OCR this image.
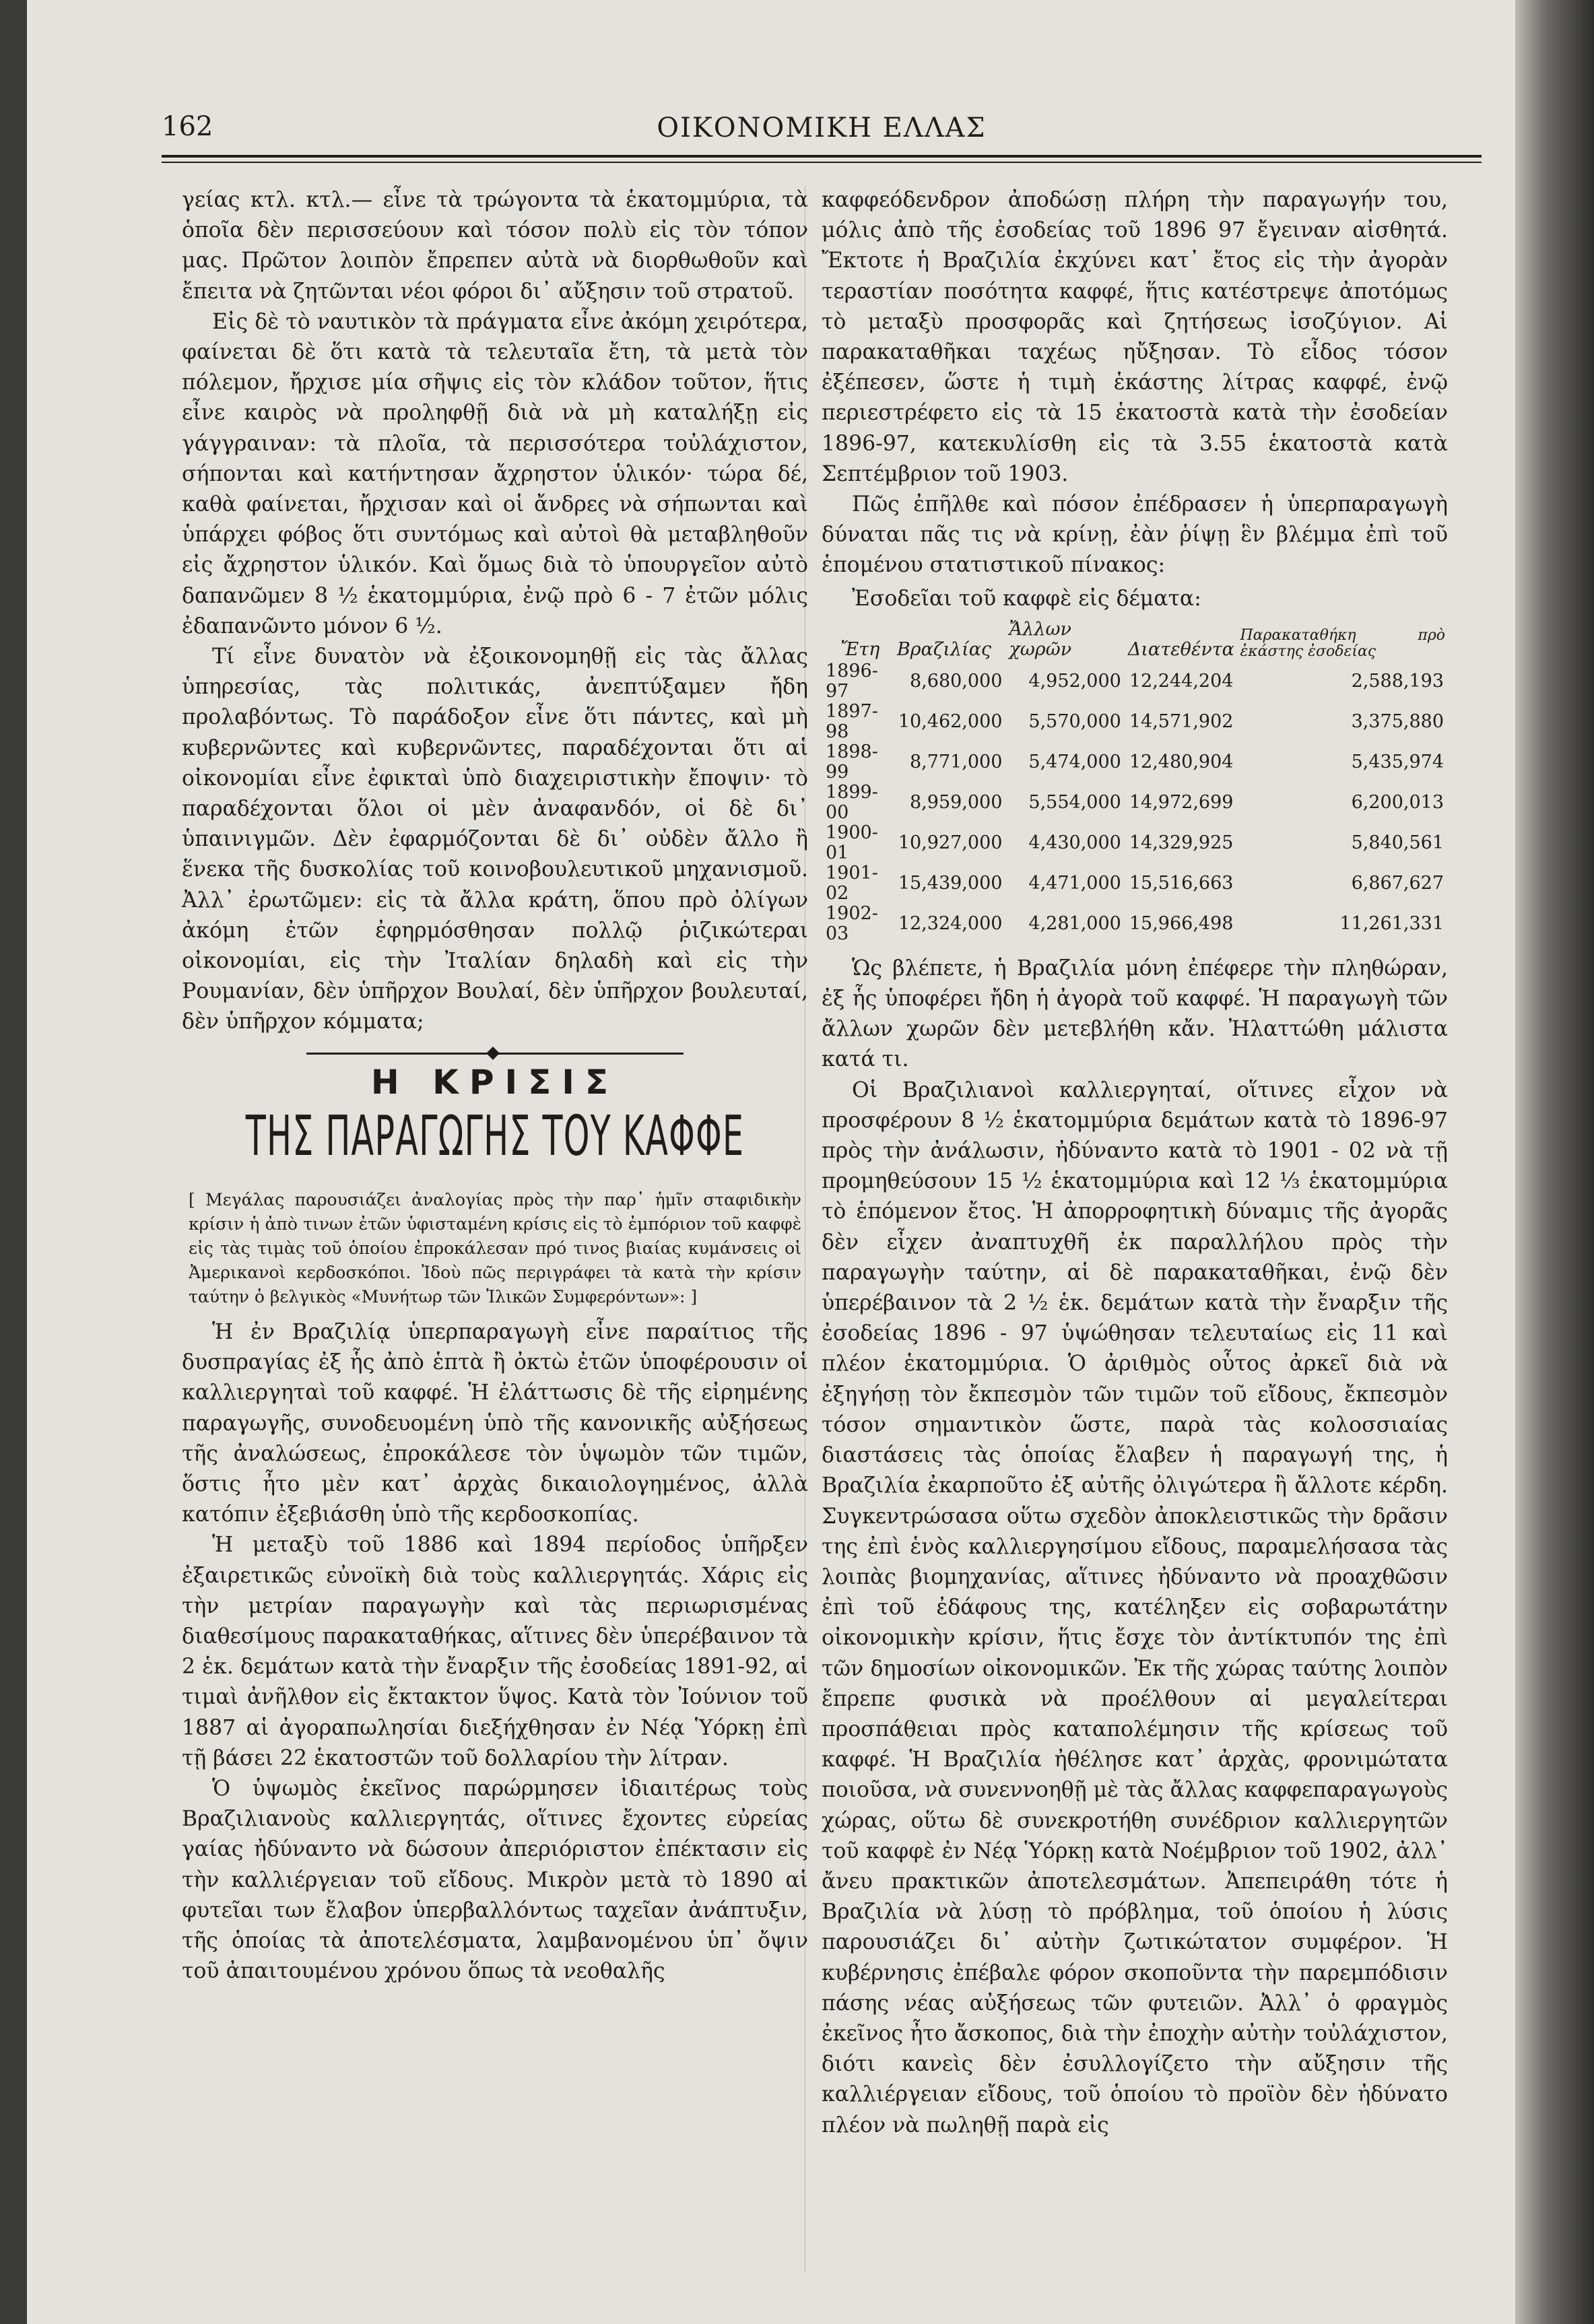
162	ΟΙΚΟΝΟΜΙΚΗ ΕΛΛΑΣ

γείας κτλ. κτλ.— εἶνε τὰ τρώγοντα τὰ ἑκατομμύρια, τὰ ὁποῖα δὲν περισσεύουν καὶ τόσον πολὺ εἰς τὸν τόπον μας. Πρῶτον λοιπὸν ἔπρεπεν αὐτὰ νὰ διορθωθοῦν καὶ ἔπειτα νὰ ζητῶνται νέοι φόροι δι᾽ αὔξησιν τοῦ στρατοῦ.

Εἰς δὲ τὸ ναυτικὸν τὰ πράγματα εἶνε ἀκόμη χειρότερα, φαίνεται δὲ ὅτι κατὰ τὰ τελευταῖα ἔτη, τὰ μετὰ τὸν πόλεμον, ἤρχισε μία σῆψις εἰς τὸν κλάδον τοῦτον, ἥτις εἶνε καιρὸς νὰ προληφθῇ διὰ νὰ μὴ καταλήξῃ εἰς γάγγραιναν: τὰ πλοῖα, τὰ περισσότερα τοὐλάχιστον, σήπονται καὶ κατήντησαν ἄχρηστον ὑλικόν· τώρα δέ, καθὰ φαίνεται, ἤρχισαν καὶ οἱ ἄνδρες νὰ σήπωνται καὶ ὑπάρχει φόβος ὅτι συντόμως καὶ αὐτοὶ θὰ μεταβληθοῦν εἰς ἄχρηστον ὑλικόν. Καὶ ὅμως διὰ τὸ ὑπουργεῖον αὐτὸ δαπανῶμεν 8 ½ ἑκατομμύρια, ἐνῷ πρὸ 6 - 7 ἐτῶν μόλις ἐδαπανῶντο μόνον 6 ½.

Τί εἶνε δυνατὸν νὰ ἐξοικονομηθῇ εἰς τὰς ἄλλας ὑπηρεσίας, τὰς πολιτικάς, ἀνεπτύξαμεν ἤδη προλαβόντως. Τὸ παράδοξον εἶνε ὅτι πάντες, καὶ μὴ κυβερνῶντες καὶ κυβερνῶντες, παραδέχονται ὅτι αἱ οἰκονομίαι εἶνε ἐφικταὶ ὑπὸ διαχειριστικὴν ἔποψιν· τὸ παραδέχονται ὅλοι οἱ μὲν ἀναφανδόν, οἱ δὲ δι᾽ ὑπαινιγμῶν. Δὲν ἐφαρμόζονται δὲ δι᾽ οὐδὲν ἄλλο ἢ ἕνεκα τῆς δυσκολίας τοῦ κοινοβουλευτικοῦ μηχανισμοῦ. Ἀλλ᾽ ἐρωτῶμεν: εἰς τὰ ἄλλα κράτη, ὅπου πρὸ ὀλίγων ἀκόμη ἐτῶν ἐφηρμόσθησαν πολλῷ ῥιζικώτεραι οἰκονομίαι, εἰς τὴν Ἰταλίαν δηλαδὴ καὶ εἰς τὴν Ρουμανίαν, δὲν ὑπῆρχον Βουλαί, δὲν ὑπῆρχον βουλευταί, δὲν ὑπῆρχον κόμματα;

Η ΚΡΙΣΙΣ
ΤΗΣ ΠΑΡΑΓΩΓΗΣ ΤΟΥ ΚΑΦΦΕ

[ Μεγάλας παρουσιάζει ἀναλογίας πρὸς τὴν παρ᾽ ἡμῖν σταφιδικὴν κρίσιν ἡ ἀπὸ τινων ἐτῶν ὑφισταμένη κρίσις εἰς τὸ ἐμπόριον τοῦ καφφὲ εἰς τὰς τιμὰς τοῦ ὁποίου ἐπροκάλεσαν πρό τινος βιαίας κυμάνσεις οἱ Ἀμερικανοὶ κερδοσκόποι. Ἰδοὺ πῶς περιγράφει τὰ κατὰ τὴν κρίσιν ταύτην ὁ βελγικὸς «Μυνήτωρ τῶν Ἰλικῶν Συμφερόντων»: ]

Ἡ ἐν Βραζιλίᾳ ὑπερπαραγωγὴ εἶνε παραίτιος τῆς δυσπραγίας ἐξ ἧς ἀπὸ ἑπτὰ ἢ ὀκτὼ ἐτῶν ὑποφέρουσιν οἱ καλλιεργηταὶ τοῦ καφφέ. Ἡ ἐλάττωσις δὲ τῆς εἰρημένης παραγωγῆς, συνοδευομένη ὑπὸ τῆς κανονικῆς αὐξήσεως τῆς ἀναλώσεως, ἐπροκάλεσε τὸν ὑψωμὸν τῶν τιμῶν, ὅστις ἦτο μὲν κατ᾽ ἀρχὰς δικαιολογημένος, ἀλλὰ κατόπιν ἐξεβιάσθη ὑπὸ τῆς κερδοσκοπίας.

Ἡ μεταξὺ τοῦ 1886 καὶ 1894 περίοδος ὑπῆρξεν ἐξαιρετικῶς εὐνοϊκὴ διὰ τοὺς καλλιεργητάς. Χάρις εἰς τὴν μετρίαν παραγωγὴν καὶ τὰς περιωρισμένας διαθεσίμους παρακαταθήκας, αἵτινες δὲν ὑπερέβαινον τὰ 2 ἑκ. δεμάτων κατὰ τὴν ἔναρξιν τῆς ἐσοδείας 1891-92, αἱ τιμαὶ ἀνῆλθον εἰς ἔκτακτον ὕψος. Κατὰ τὸν Ἰούνιον τοῦ 1887 αἱ ἀγοραπωλησίαι διεξήχθησαν ἐν Νέᾳ Ὑόρκῃ ἐπὶ τῇ βάσει 22 ἑκατοστῶν τοῦ δολλαρίου τὴν λίτραν.

Ὁ ὑψωμὸς ἐκεῖνος παρώρμησεν ἰδιαιτέρως τοὺς Βραζιλιανοὺς καλλιεργητάς, οἵτινες ἔχοντες εὐρείας γαίας ἠδύναντο νὰ δώσουν ἀπεριόριστον ἐπέκτασιν εἰς τὴν καλλιέργειαν τοῦ εἴδους. Μικρὸν μετὰ τὸ 1890 αἱ φυτεῖαι των ἔλαβον ὑπερβαλλόντως ταχεῖαν ἀνάπτυξιν, τῆς ὁποίας τὰ ἀποτελέσματα, λαμβανομένου ὑπ᾽ ὄψιν τοῦ ἀπαιτουμένου χρόνου ὅπως τὰ νεοθαλῆς

καφφεόδενδρον ἀποδώσῃ πλήρη τὴν παραγωγήν του, μόλις ἀπὸ τῆς ἐσοδείας τοῦ 1896 97 ἔγειναν αἰσθητά. Ἔκτοτε ἡ Βραζιλία ἐκχύνει κατ᾽ ἔτος εἰς τὴν ἀγορὰν τεραστίαν ποσότητα καφφέ, ἥτις κατέστρεψε ἀποτόμως τὸ μεταξὺ προσφορᾶς καὶ ζητήσεως ἰσοζύγιον. Αἱ παρακαταθῆκαι ταχέως ηὔξησαν. Τὸ εἶδος τόσον ἐξέπεσεν, ὥστε ἡ τιμὴ ἑκάστης λίτρας καφφέ, ἐνῷ περιεστρέφετο εἰς τὰ 15 ἑκατοστὰ κατὰ τὴν ἐσοδείαν 1896-97, κατεκυλίσθη εἰς τὰ 3.55 ἑκατοστὰ κατὰ Σεπτέμβριον τοῦ 1903.

Πῶς ἐπῆλθε καὶ πόσον ἐπέδρασεν ἡ ὑπερπαραγωγὴ δύναται πᾶς τις νὰ κρίνῃ, ἐὰν ῥίψῃ ἓν βλέμμα ἐπὶ τοῦ ἑπομένου στατιστικοῦ πίνακος:

Ἐσοδεῖαι τοῦ καφφὲ εἰς δέματα:

Ἔτη	Βραζιλίας	Ἄλλων χωρῶν	Διατεθέντα	Παρακαταθήκη πρὸ ἑκάστης ἐσοδείας
1896-97	8,680,000	4,952,000	12,244,204	2,588,193
1897-98	10,462,000	5,570,000	14,571,902	3,375,880
1898-99	8,771,000	5,474,000	12,480,904	5,435,974
1899-00	8,959,000	5,554,000	14,972,699	6,200,013
1900-01	10,927,000	4,430,000	14,329,925	5,840,561
1901-02	15,439,000	4,471,000	15,516,663	6,867,627
1902-03	12,324,000	4,281,000	15,966,498	11,261,331

Ὡς βλέπετε, ἡ Βραζιλία μόνη ἐπέφερε τὴν πληθώραν, ἐξ ἧς ὑποφέρει ἤδη ἡ ἀγορὰ τοῦ καφφέ. Ἡ παραγωγὴ τῶν ἄλλων χωρῶν δὲν μετεβλήθη κἄν. Ἠλαττώθη μάλιστα κατά τι.

Οἱ Βραζιλιανοὶ καλλιεργηταί, οἵτινες εἶχον νὰ προσφέρουν 8 ½ ἑκατομμύρια δεμάτων κατὰ τὸ 1896-97 πρὸς τὴν ἀνάλωσιν, ἠδύναντο κατὰ τὸ 1901 - 02 νὰ τῇ προμηθεύσουν 15 ½ ἑκατομμύρια καὶ 12 ⅓ ἑκατομμύρια τὸ ἑπόμενον ἔτος. Ἡ ἀπορροφητικὴ δύναμις τῆς ἀγορᾶς δὲν εἶχεν ἀναπτυχθῆ ἐκ παραλλήλου πρὸς τὴν παραγωγὴν ταύτην, αἱ δὲ παρακαταθῆκαι, ἐνῷ δὲν ὑπερέβαινον τὰ 2 ½ ἑκ. δεμάτων κατὰ τὴν ἔναρξιν τῆς ἐσοδείας 1896 - 97 ὑψώθησαν τελευταίως εἰς 11 καὶ πλέον ἑκατομμύρια. Ὁ ἀριθμὸς οὗτος ἀρκεῖ διὰ νὰ ἐξηγήσῃ τὸν ἔκπεσμὸν τῶν τιμῶν τοῦ εἴδους, ἔκπεσμὸν τόσον σημαντικὸν ὥστε, παρὰ τὰς κολοσσιαίας διαστάσεις τὰς ὁποίας ἔλαβεν ἡ παραγωγή της, ἡ Βραζιλία ἐκαρποῦτο ἐξ αὐτῆς ὀλιγώτερα ἢ ἄλλοτε κέρδη. Συγκεντρώσασα οὕτω σχεδὸν ἀποκλειστικῶς τὴν δρᾶσιν της ἐπὶ ἑνὸς καλλιεργησίμου εἴδους, παραμελήσασα τὰς λοιπὰς βιομηχανίας, αἵτινες ἠδύναντο νὰ προαχθῶσιν ἐπὶ τοῦ ἐδάφους της, κατέληξεν εἰς σοβαρωτάτην οἰκονομικὴν κρίσιν, ἥτις ἔσχε τὸν ἀντίκτυπόν της ἐπὶ τῶν δημοσίων οἰκονομικῶν. Ἐκ τῆς χώρας ταύτης λοιπὸν ἔπρεπε φυσικὰ νὰ προέλθουν αἱ μεγαλείτεραι προσπάθειαι πρὸς καταπολέμησιν τῆς κρίσεως τοῦ καφφέ. Ἡ Βραζιλία ἠθέλησε κατ᾽ ἀρχὰς, φρονιμώτατα ποιοῦσα, νὰ συνεννοηθῇ μὲ τὰς ἄλλας καφφεπαραγωγοὺς χώρας, οὕτω δὲ συνεκροτήθη συνέδριον καλλιεργητῶν τοῦ καφφὲ ἐν Νέᾳ Ὑόρκῃ κατὰ Νοέμβριον τοῦ 1902, ἀλλ᾽ ἄνευ πρακτικῶν ἀποτελεσμάτων. Ἀπεπειράθη τότε ἡ Βραζιλία νὰ λύσῃ τὸ πρόβλημα, τοῦ ὁποίου ἡ λύσις παρουσιάζει δι᾽ αὐτὴν ζωτικώτατον συμφέρον. Ἡ κυβέρνησις ἐπέβαλε φόρον σκοποῦντα τὴν παρεμπόδισιν πάσης νέας αὐξήσεως τῶν φυτειῶν. Ἀλλ᾽ ὁ φραγμὸς ἐκεῖνος ἦτο ἄσκοπος, διὰ τὴν ἐποχὴν αὐτὴν τοὐλάχιστον, διότι κανεὶς δὲν ἐσυλλογίζετο τὴν αὔξησιν τῆς καλλιέργειαν εἴδους, τοῦ ὁποίου τὸ προϊὸν δὲν ἠδύνατο πλέον νὰ πωληθῇ παρὰ εἰς
